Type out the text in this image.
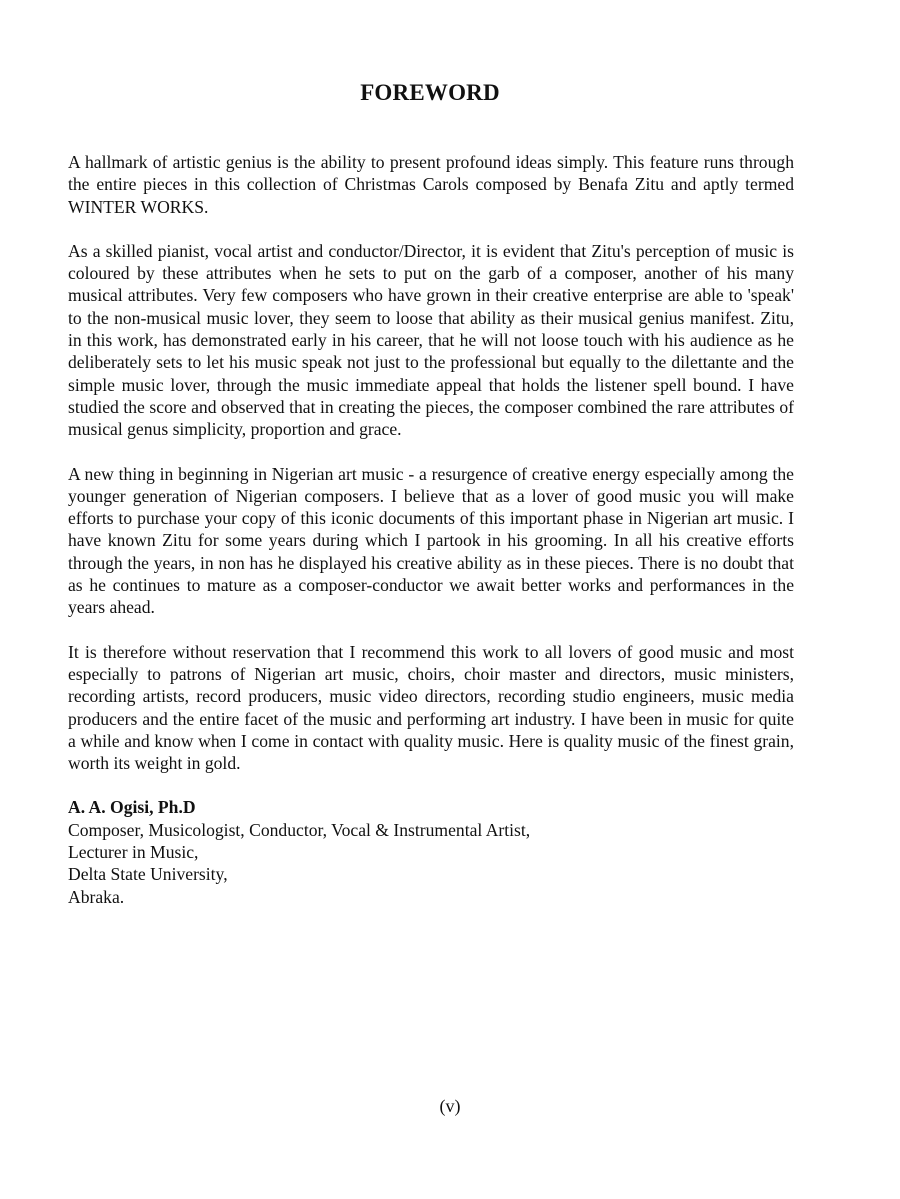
FOREWORD

A hallmark of artistic genius is the ability to present profound ideas simply. This feature runs through the entire pieces in this collection of Christmas Carols composed by Benafa Zitu and aptly termed WINTER WORKS.

As a skilled pianist, vocal artist and conductor/Director, it is evident that Zitu's perception of music is coloured by these attributes when he sets to put on the garb of a composer, another of his many musical attributes. Very few composers who have grown in their creative enterprise are able to 'speak' to the non-musical music lover, they seem to loose that ability as their musical genius manifest. Zitu, in this work, has demonstrated early in his career, that he will not loose touch with his audience as he deliberately sets to let his music speak not just to the professional but equally to the dilettante and the simple music lover, through the music immediate appeal that holds the listener spell bound. I have studied the score and observed that in creating the pieces, the composer combined the rare attributes of musical genus simplicity, proportion and grace.

A new thing in beginning in Nigerian art music - a resurgence of creative energy especially among the younger generation of Nigerian composers. I believe that as a lover of good music you will make efforts to purchase your copy of this iconic documents of this important phase in Nigerian art music. I have known Zitu for some years during which I partook in his grooming. In all his creative efforts through the years, in non has he displayed his creative ability as in these pieces. There is no doubt that as he continues to mature as a composer-conductor we await better works and performances in the years ahead.

It is therefore without reservation that I recommend this work to all lovers of good music and most especially to patrons of Nigerian art music, choirs, choir master and directors, music ministers, recording artists, record producers, music video directors, recording studio engineers, music media producers and the entire facet of the music and performing art industry. I have been in music for quite a while and know when I come in contact with quality music. Here is quality music of the finest grain, worth its weight in gold.

A. A. Ogisi, Ph.D
Composer, Musicologist, Conductor, Vocal & Instrumental Artist,
Lecturer in Music,
Delta State University,
Abraka.
(v)
